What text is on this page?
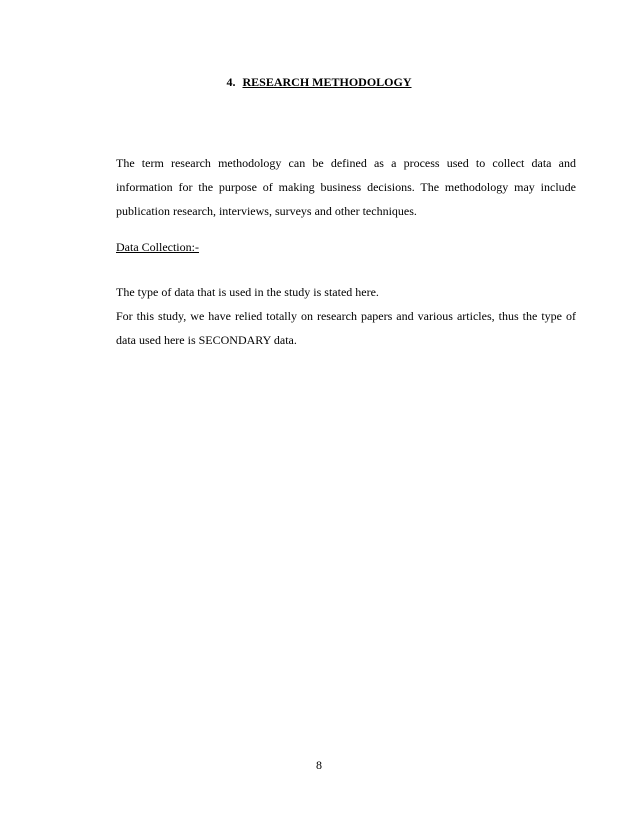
4. RESEARCH METHODOLOGY

The term research methodology can be defined as a process used to collect data and
information for the purpose of making business decisions. The methodology may include
publication research, interviews, surveys and other techniques.

Data Collection:-

The type of data that is used in the study is stated here.
For this study, we have relied totally on research papers and various articles, thus the type of
data used here is SECONDARY data.

8
